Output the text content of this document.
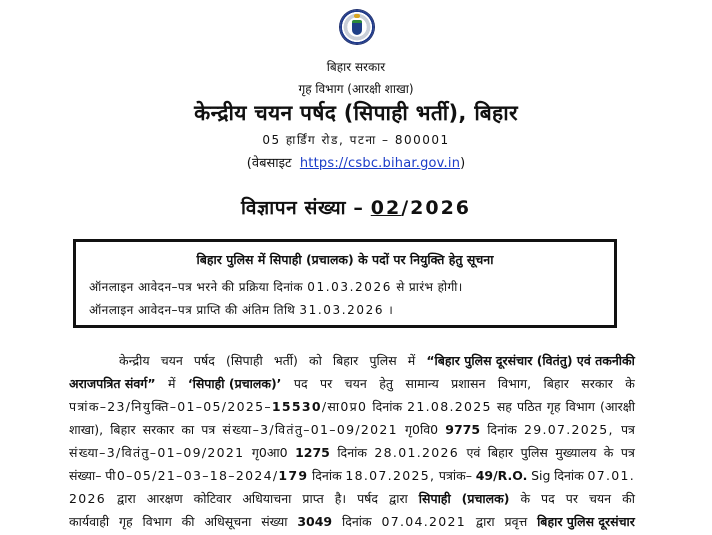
बिहार सरकार
गृह विभाग (आरक्षी शाखा)
केन्द्रीय चयन पर्षद (सिपाही भर्ती), बिहार
05 हार्डिंग रोड, पटना – 800001
(वेबसाइट https://csbc.bihar.gov.in)
विज्ञापन संख्या – 02/2026
बिहार पुलिस में सिपाही (प्रचालक) के पदों पर नियुक्ति हेतु सूचना
ऑनलाइन आवेदन–पत्र भरने की प्रक्रिया दिनांक 01.03.2026 से प्रारंभ होगी।
ऑनलाइन आवेदन–पत्र प्राप्ति की अंतिम तिथि 31.03.2026 ।
केन्द्रीय चयन पर्षद (सिपाही भर्ती) को बिहार पुलिस में “बिहार पुलिस दूरसंचार (वितंतु) एवं तकनीकी
अराजपत्रित संवर्ग” में ‘सिपाही (प्रचालक)’ पद पर चयन हेतु सामान्य प्रशासन विभाग, बिहार सरकार के
पत्रांक–23/नियुक्ति–01–05/2025–15530/सा0प्र0 दिनांक 21.08.2025 सह पठित गृह विभाग (आरक्षी
शाखा), बिहार सरकार का पत्र संख्या–3/वितंतु–01–09/2021 गृ0वि0 9775 दिनांक 29.07.2025, पत्र
संख्या–3/वितंतु–01–09/2021 गृ0आ0 1275 दिनांक 28.01.2026 एवं बिहार पुलिस मुख्यालय के पत्र
संख्या– पी0–05/21–03–18–2024/179 दिनांक 18.07.2025, पत्रांक– 49/R.O. Sig दिनांक 07.01.
2026 द्वारा आरक्षण कोटिवार अधियाचना प्राप्त है। पर्षद द्वारा सिपाही (प्रचालक) के पद पर चयन की
कार्यवाही गृह विभाग की अधिसूचना संख्या 3049 दिनांक 07.04.2021 द्वारा प्रवृत्त बिहार पुलिस दूरसंचार
